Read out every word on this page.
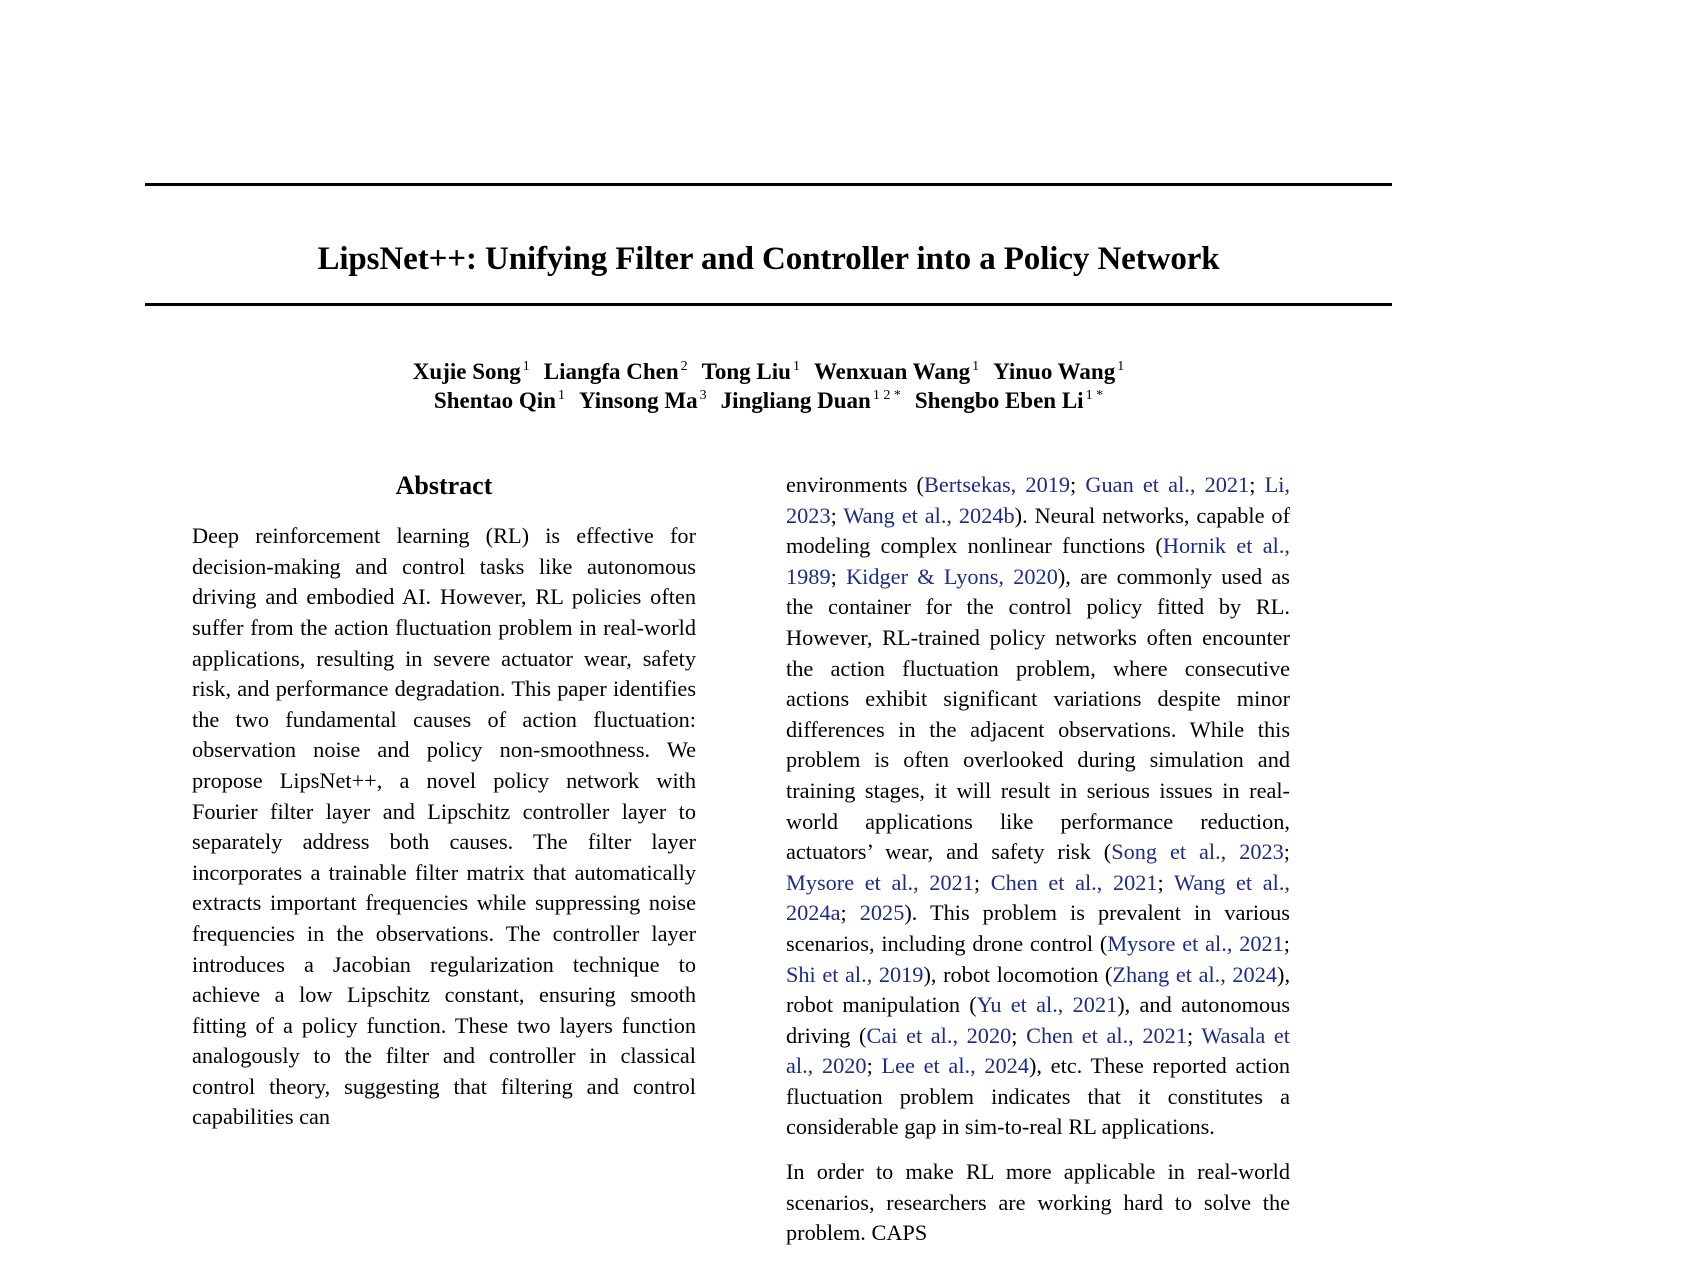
LipsNet++: Unifying Filter and Controller into a Policy Network
Xujie Song $^1$ Liangfa Chen $^2$ Tong Liu $^1$ Wenxuan Wang $^1$ Yinuo Wang $^1$
Shentao Qin $^1$ Yinsong Ma $^3$ Jingliang Duan $^{1 2 *}$ Shengbo Eben Li $^{1 *}$
Abstract

Deep reinforcement learning (RL) is effective for decision-making and control tasks like autonomous driving and embodied AI. However, RL policies often suffer from the action fluctuation problem in real-world applications, resulting in severe actuator wear, safety risk, and performance degradation. This paper identifies the two fundamental causes of action fluctuation: observation noise and policy non-smoothness. We propose LipsNet++, a novel policy network with Fourier filter layer and Lipschitz controller layer to separately address both causes. The filter layer incorporates a trainable filter matrix that automatically extracts important frequencies while suppressing noise frequencies in the observations. The controller layer introduces a Jacobian regularization technique to achieve a low Lipschitz constant, ensuring smooth fitting of a policy function. These two layers function analogously to the filter and controller in classical control theory, suggesting that filtering and control capabilities can

environments (Bertsekas, 2019; Guan et al., 2021; Li, 2023; Wang et al., 2024b). Neural networks, capable of modeling complex nonlinear functions (Hornik et al., 1989; Kidger & Lyons, 2020), are commonly used as the container for the control policy fitted by RL. However, RL-trained policy networks often encounter the action fluctuation problem, where consecutive actions exhibit significant variations despite minor differences in the adjacent observations. While this problem is often overlooked during simulation and training stages, it will result in serious issues in real-world applications like performance reduction, actuators’ wear, and safety risk (Song et al., 2023; Mysore et al., 2021; Chen et al., 2021; Wang et al., 2024a; 2025). This problem is prevalent in various scenarios, including drone control (Mysore et al., 2021; Shi et al., 2019), robot locomotion (Zhang et al., 2024), robot manipulation (Yu et al., 2021), and autonomous driving (Cai et al., 2020; Chen et al., 2021; Wasala et al., 2020; Lee et al., 2024), etc. These reported action fluctuation problem indicates that it constitutes a considerable gap in sim-to-real RL applications.

In order to make RL more applicable in real-world scenarios, researchers are working hard to solve the problem. CAPS
